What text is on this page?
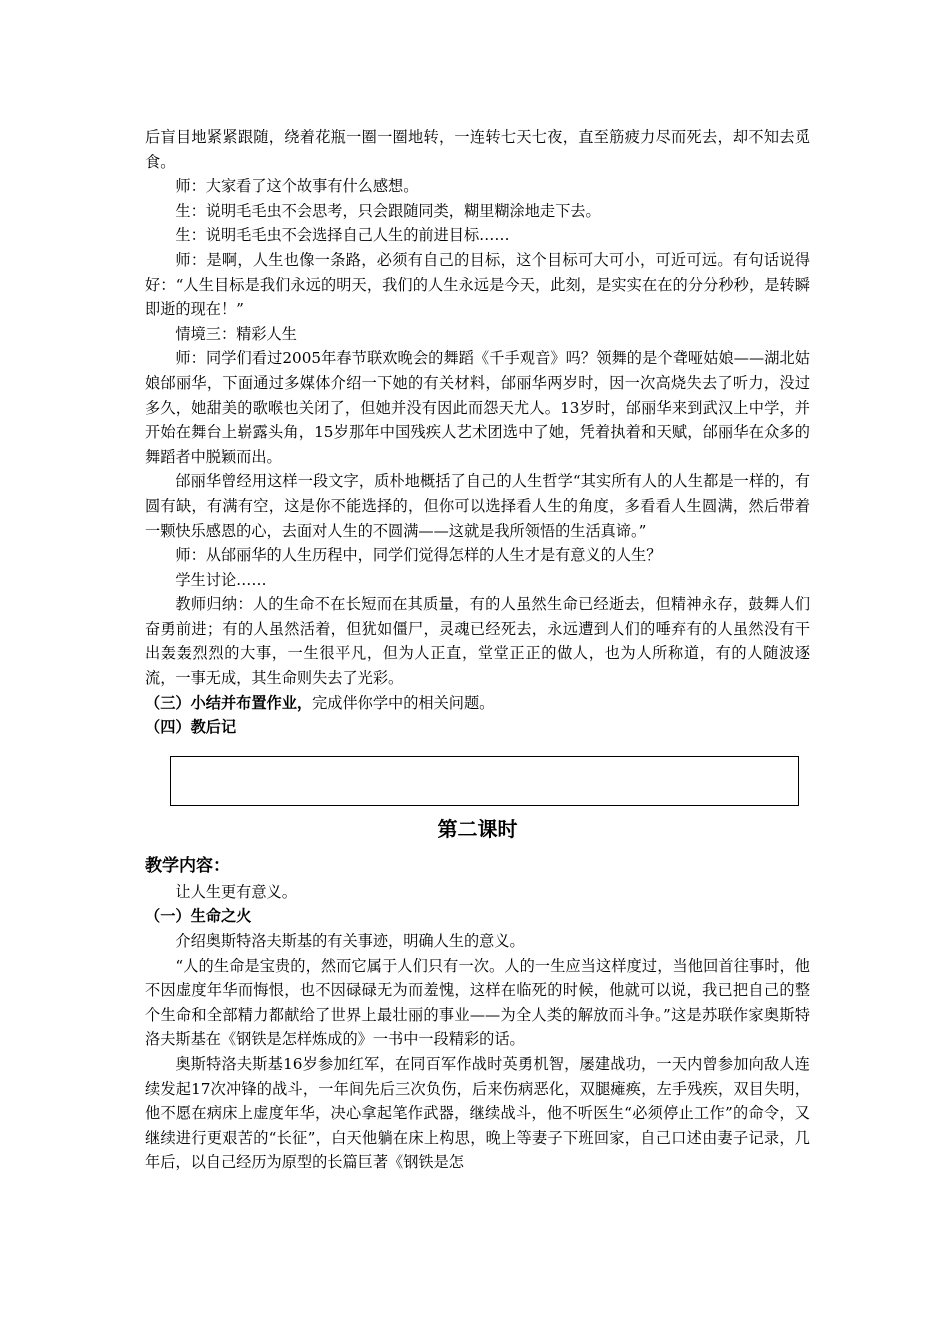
后盲目地紧紧跟随，绕着花瓶一圈一圈地转，一连转七天七夜，直至筋疲力尽而死去，却不知去觅食。

师：大家看了这个故事有什么感想。

生：说明毛毛虫不会思考，只会跟随同类，糊里糊涂地走下去。

生：说明毛毛虫不会选择自己人生的前进目标……

师：是啊，人生也像一条路，必须有自己的目标，这个目标可大可小，可近可远。有句话说得好：“人生目标是我们永远的明天，我们的人生永远是今天，此刻，是实实在在的分分秒秒，是转瞬即逝的现在！”

情境三：精彩人生

师：同学们看过2005年春节联欢晚会的舞蹈《千手观音》吗？领舞的是个聋哑姑娘——湖北姑娘邰丽华，下面通过多媒体介绍一下她的有关材料，邰丽华两岁时，因一次高烧失去了听力，没过多久，她甜美的歌喉也关闭了，但她并没有因此而怨天尤人。13岁时，邰丽华来到武汉上中学，并开始在舞台上崭露头角，15岁那年中国残疾人艺术团选中了她，凭着执着和天赋，邰丽华在众多的舞蹈者中脱颖而出。

邰丽华曾经用这样一段文字，质朴地概括了自己的人生哲学“其实所有人的人生都是一样的，有圆有缺，有满有空，这是你不能选择的，但你可以选择看人生的角度，多看看人生圆满，然后带着一颗快乐感恩的心，去面对人生的不圆满——这就是我所领悟的生活真谛。”

师：从邰丽华的人生历程中，同学们觉得怎样的人生才是有意义的人生？

学生讨论……

教师归纳：人的生命不在长短而在其质量，有的人虽然生命已经逝去，但精神永存，鼓舞人们奋勇前进；有的人虽然活着，但犹如僵尸，灵魂已经死去，永远遭到人们的唾弃有的人虽然没有干出轰轰烈烈的大事，一生很平凡，但为人正直，堂堂正正的做人，也为人所称道，有的人随波逐流，一事无成，其生命则失去了光彩。

（三）小结并布置作业，完成伴你学中的相关问题。

（四）教后记

第二课时

教学内容：

让人生更有意义。

（一）生命之火

介绍奥斯特洛夫斯基的有关事迹，明确人生的意义。

“人的生命是宝贵的，然而它属于人们只有一次。人的一生应当这样度过，当他回首往事时，他不因虚度年华而悔恨，也不因碌碌无为而羞愧，这样在临死的时候，他就可以说，我已把自己的整个生命和全部精力都献给了世界上最壮丽的事业——为全人类的解放而斗争。”这是苏联作家奥斯特洛夫斯基在《钢铁是怎样炼成的》一书中一段精彩的话。

奥斯特洛夫斯基16岁参加红军，在同百军作战时英勇机智，屡建战功，一天内曾参加向敌人连续发起17次冲锋的战斗，一年间先后三次负伤，后来伤病恶化，双腿瘫痪，左手残疾，双目失明，他不愿在病床上虚度年华，决心拿起笔作武器，继续战斗，他不听医生“必须停止工作”的命令，又继续进行更艰苦的“长征”，白天他躺在床上构思，晚上等妻子下班回家，自己口述由妻子记录，几年后，以自己经历为原型的长篇巨著《钢铁是怎
